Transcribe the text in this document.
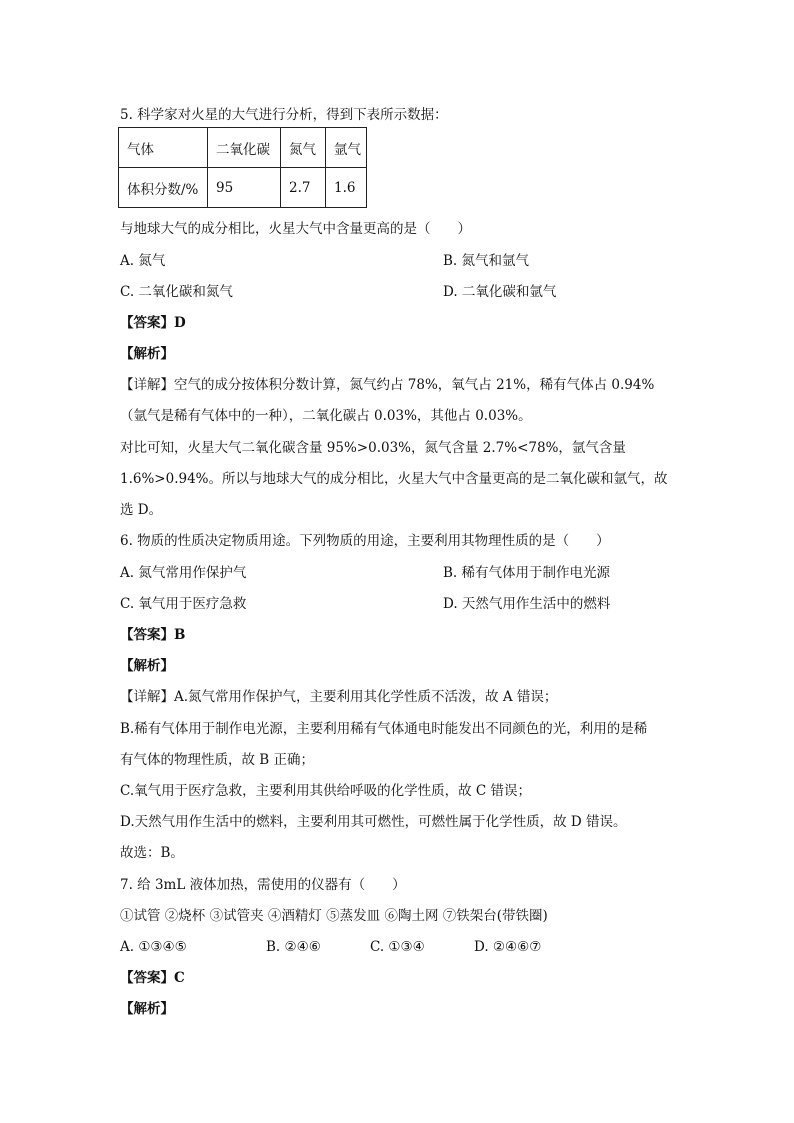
5. 科学家对火星的大气进行分析，得到下表所示数据：
气体	二氧化碳	氮气	氩气
体积分数/%	95	2.7	1.6
与地球大气的成分相比，火星大气中含量更高的是（　　）
A. 氮气	B. 氮气和氩气
C. 二氧化碳和氮气	D. 二氧化碳和氩气
【答案】D
【解析】
【详解】空气的成分按体积分数计算，氮气约占 78%，氧气占 21%，稀有气体占 0.94%
（氩气是稀有气体中的一种），二氧化碳占 0.03%，其他占 0.03%。
对比可知，火星大气二氧化碳含量 95%>0.03%，氮气含量 2.7%<78%，氩气含量
1.6%>0.94%。所以与地球大气的成分相比，火星大气中含量更高的是二氧化碳和氩气，故
选 D。
6. 物质的性质决定物质用途。下列物质的用途，主要利用其物理性质的是（　　）
A. 氮气常用作保护气	B. 稀有气体用于制作电光源
C. 氧气用于医疗急救	D. 天然气用作生活中的燃料
【答案】B
【解析】
【详解】A.氮气常用作保护气，主要利用其化学性质不活泼，故 A 错误；
B.稀有气体用于制作电光源，主要利用稀有气体通电时能发出不同颜色的光，利用的是稀
有气体的物理性质，故 B 正确；
C.氧气用于医疗急救，主要利用其供给呼吸的化学性质，故 C 错误；
D.天然气用作生活中的燃料，主要利用其可燃性，可燃性属于化学性质，故 D 错误。
故选：B。
7. 给 3mL 液体加热，需使用的仪器有（　　）
①试管 ②烧杯 ③试管夹 ④酒精灯 ⑤蒸发皿 ⑥陶土网 ⑦铁架台(带铁圈)
A. ①③④⑤	B. ②④⑥	C. ①③④	D. ②④⑥⑦
【答案】C
【解析】
